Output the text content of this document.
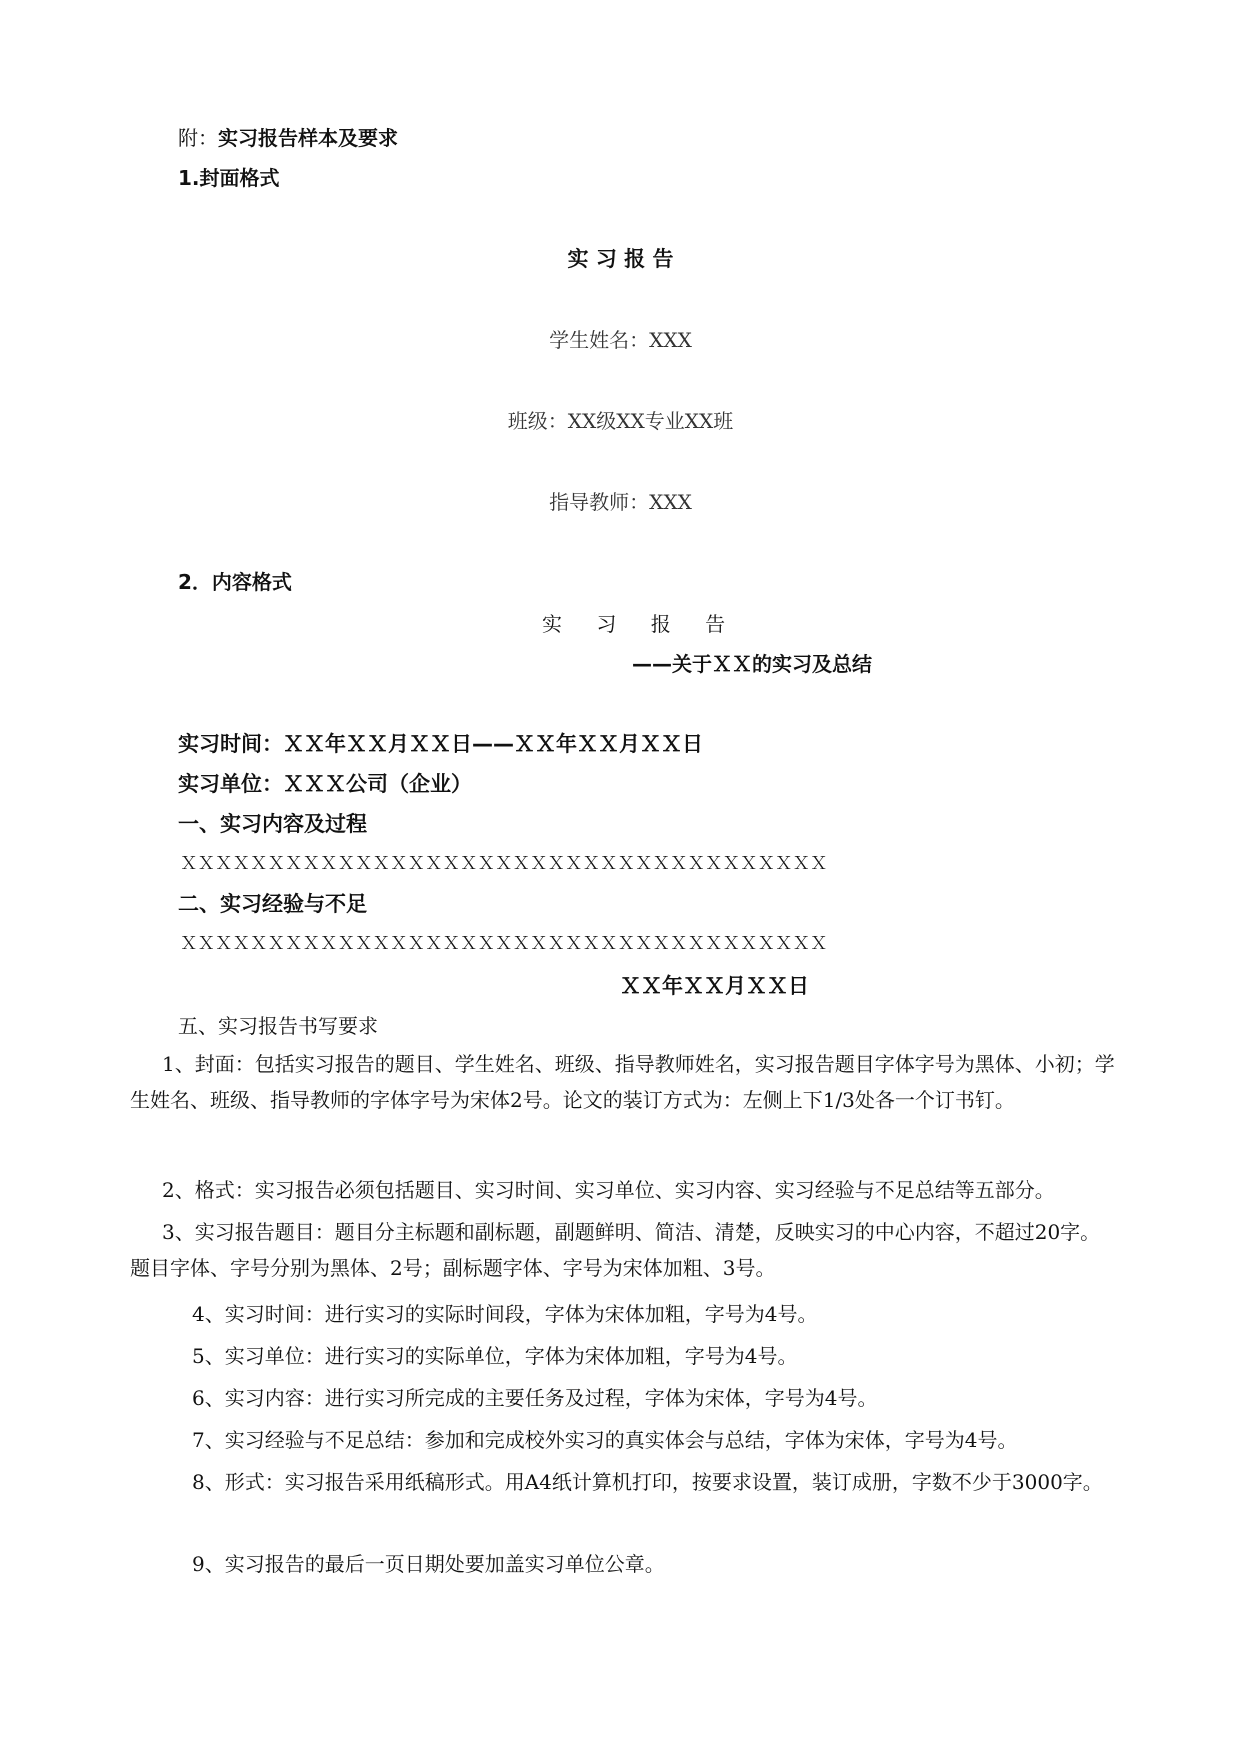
附：实习报告样本及要求
1.封面格式
实 习 报 告
学生姓名：XXX
班级：XX级XX专业XX班
指导教师：XXX
2．内容格式
实 习 报 告
——关于ＸＸ的实习及总结
实习时间：ＸＸ年ＸＸ月ＸＸ日——ＸＸ年ＸＸ月ＸＸ日
实习单位：ＸＸＸ公司（企业）
一、实习内容及过程
ＸＸＸＸＸＸＸＸＸＸＸＸＸＸＸＸＸＸＸＸＸＸＸＸＸＸＸＸＸＸＸＸＸＸＸＸＸ
二、实习经验与不足
ＸＸＸＸＸＸＸＸＸＸＸＸＸＸＸＸＸＸＸＸＸＸＸＸＸＸＸＸＸＸＸＸＸＸＸＸＸ
ＸＸ年ＸＸ月ＸＸ日
五、实习报告书写要求
1、封面：包括实习报告的题目、学生姓名、班级、指导教师姓名，实习报告题目字体字号为黑体、小初；学生姓名、班级、指导教师的字体字号为宋体2号。论文的装订方式为：左侧上下1/3处各一个订书钉。
2、格式：实习报告必须包括题目、实习时间、实习单位、实习内容、实习经验与不足总结等五部分。
3、实习报告题目：题目分主标题和副标题，副题鲜明、简洁、清楚，反映实习的中心内容，不超过20字。题目字体、字号分别为黑体、2号；副标题字体、字号为宋体加粗、3号。
4、实习时间：进行实习的实际时间段，字体为宋体加粗，字号为4号。
5、实习单位：进行实习的实际单位，字体为宋体加粗，字号为4号。
6、实习内容：进行实习所完成的主要任务及过程，字体为宋体，字号为4号。
7、实习经验与不足总结：参加和完成校外实习的真实体会与总结，字体为宋体，字号为4号。
8、形式：实习报告采用纸稿形式。用A4纸计算机打印，按要求设置，装订成册，字数不少于3000字。
9、实习报告的最后一页日期处要加盖实习单位公章。
